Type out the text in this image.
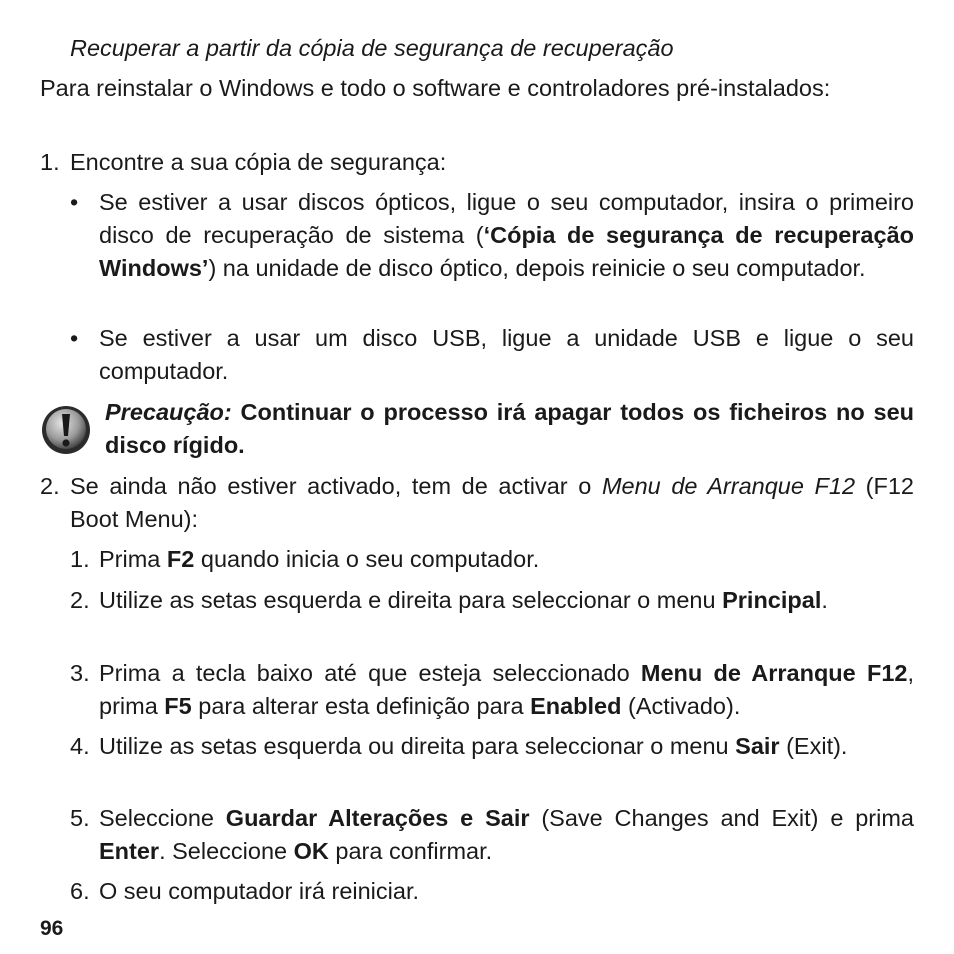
Recuperar a partir da cópia de segurança de recuperação
Para reinstalar o Windows e todo o software e controladores pré-instalados:
1. Encontre a sua cópia de segurança:
• Se estiver a usar discos ópticos, ligue o seu computador, insira o primeiro disco de recuperação de sistema (‘Cópia de segurança de recuperação Windows’) na unidade de disco óptico, depois reinicie o seu computador.
• Se estiver a usar um disco USB, ligue a unidade USB e ligue o seu computador.
Precaução: Continuar o processo irá apagar todos os ficheiros no seu disco rígido.
2. Se ainda não estiver activado, tem de activar o Menu de Arranque F12 (F12 Boot Menu):
1. Prima F2 quando inicia o seu computador.
2. Utilize as setas esquerda e direita para seleccionar o menu Principal.
3. Prima a tecla baixo até que esteja seleccionado Menu de Arranque F12, prima F5 para alterar esta definição para Enabled (Activado).
4. Utilize as setas esquerda ou direita para seleccionar o menu Sair (Exit).
5. Seleccione Guardar Alterações e Sair (Save Changes and Exit) e prima Enter. Seleccione OK para confirmar.
6. O seu computador irá reiniciar.
96
